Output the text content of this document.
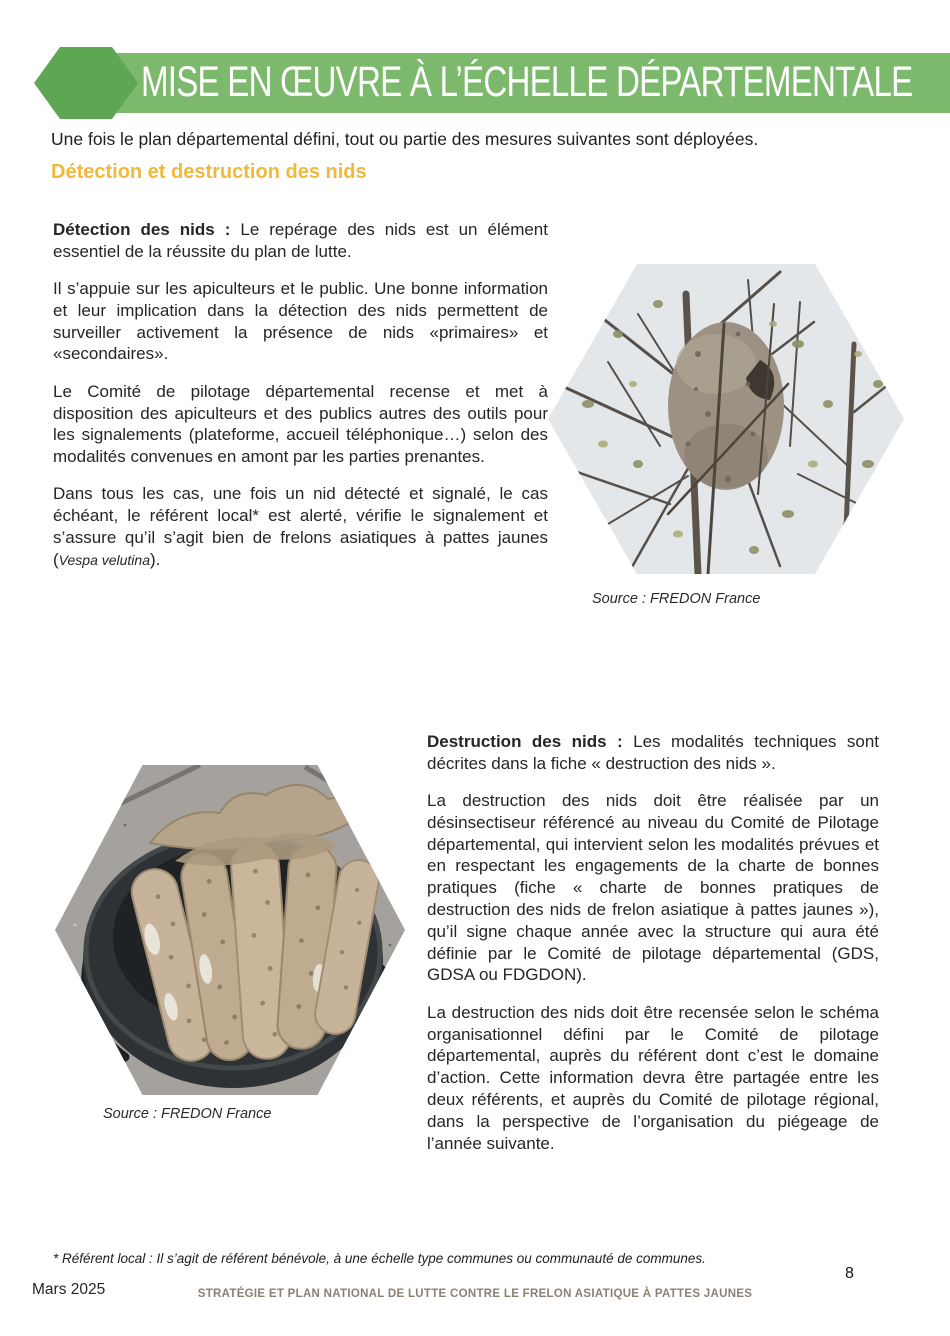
MISE EN ŒUVRE À L’ÉCHELLE DÉPARTEMENTALE
Une fois le plan départemental défini, tout ou partie des mesures suivantes sont déployées.
Détection et destruction des nids

Détection des nids : Le repérage des nids est un élément essentiel de la réussite du plan de lutte.

Il s’appuie sur les apiculteurs et le public. Une bonne information et leur implication dans la détection des nids permettent de surveiller activement la présence de nids «primaires» et «secondaires».

Le Comité de pilotage départemental recense et met à disposition des apiculteurs et des publics autres des outils pour les signalements (plateforme, accueil téléphonique…) selon des modalités convenues en amont par les parties prenantes.

Dans tous les cas, une fois un nid détecté et signalé, le cas échéant, le référent local* est alerté, vérifie le signalement et s’assure qu’il s’agit bien de frelons asiatiques à pattes jaunes (Vespa velutina).

Source : FREDON France

Destruction des nids : Les modalités techniques sont décrites dans la fiche « destruction des nids ».

La destruction des nids doit être réalisée par un désinsectiseur référencé au niveau du Comité de Pilotage départemental, qui intervient selon les modalités prévues et en respectant les engagements de la charte de bonnes pratiques (fiche « charte de bonnes pratiques de destruction des nids de frelon asiatique à pattes jaunes »), qu’il signe chaque année avec la structure qui aura été définie par le Comité de pilotage départemental (GDS, GDSA ou FDGDON).

La destruction des nids doit être recensée selon le schéma organisationnel défini par le Comité de pilotage départemental, auprès du référent dont c’est le domaine d’action. Cette information devra être partagée entre les deux référents, et auprès du Comité de pilotage régional, dans la perspective de l’organisation du piégeage de l’année suivante.

Source : FREDON France
* Référent local : Il s’agit de référent bénévole, à une échelle type communes ou communauté de communes.
Mars 2025	STRATÉGIE ET PLAN NATIONAL DE LUTTE CONTRE LE FRELON ASIATIQUE À PATTES JAUNES
8
